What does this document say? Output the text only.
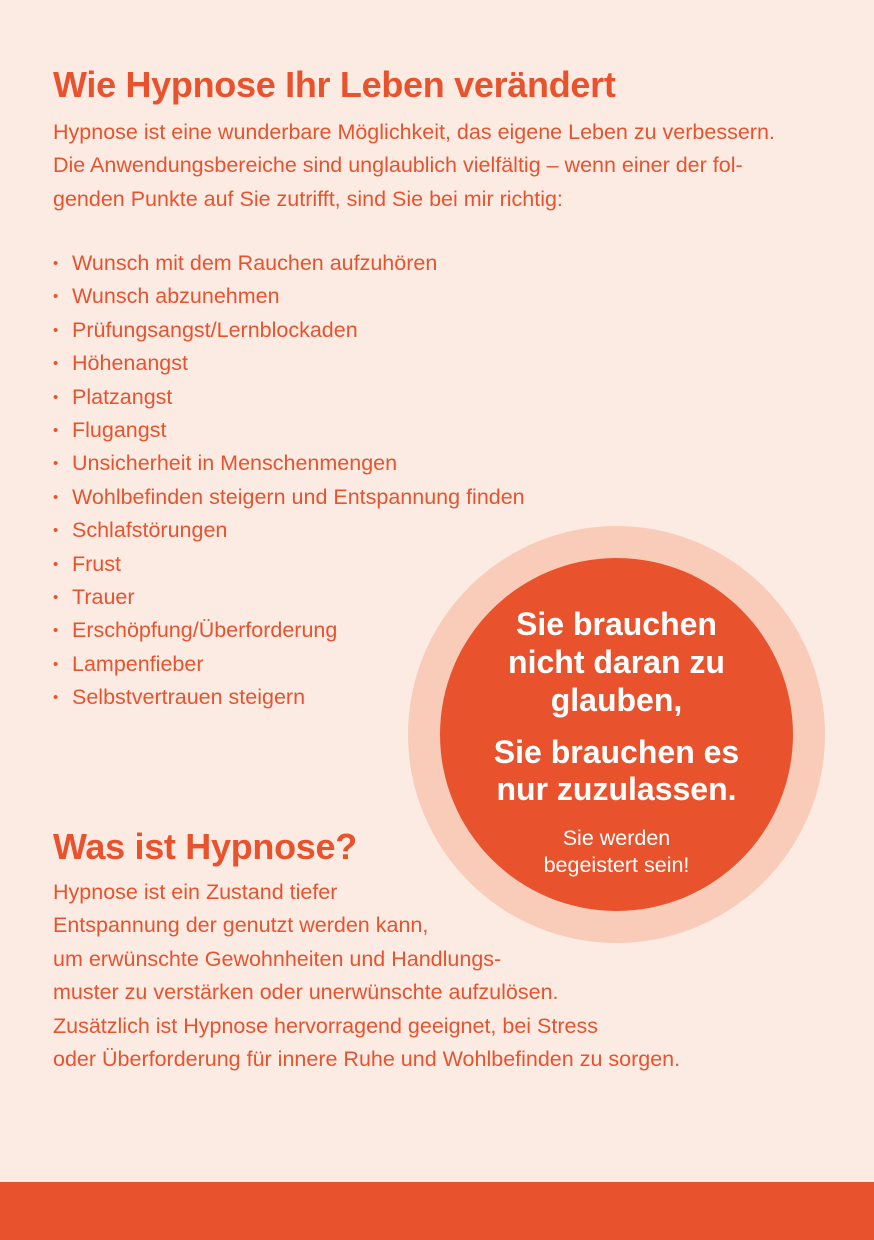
Wie Hypnose Ihr Leben verändert

Hypnose ist eine wunderbare Möglichkeit, das eigene Leben zu verbessern.
Die Anwendungsbereiche sind unglaublich vielfältig – wenn einer der fol-
genden Punkte auf Sie zutrifft, sind Sie bei mir richtig:

• Wunsch mit dem Rauchen aufzuhören
• Wunsch abzunehmen
• Prüfungsangst/Lernblockaden
• Höhenangst
• Platzangst
• Flugangst
• Unsicherheit in Menschenmengen
• Wohlbefinden steigern und Entspannung finden
• Schlafstörungen
• Frust
• Trauer
• Erschöpfung/Überforderung
• Lampenfieber
• Selbstvertrauen steigern
Sie brauchen
nicht daran zu
glauben,
Sie brauchen es
nur zuzulassen.
Sie werden
begeistert sein!
Was ist Hypnose?

Hypnose ist ein Zustand tiefer
Entspannung der genutzt werden kann,
um erwünschte Gewohnheiten und Handlungs-
muster zu verstärken oder unerwünschte aufzulösen.
Zusätzlich ist Hypnose hervorragend geeignet, bei Stress
oder Überforderung für innere Ruhe und Wohlbefinden zu sorgen.
